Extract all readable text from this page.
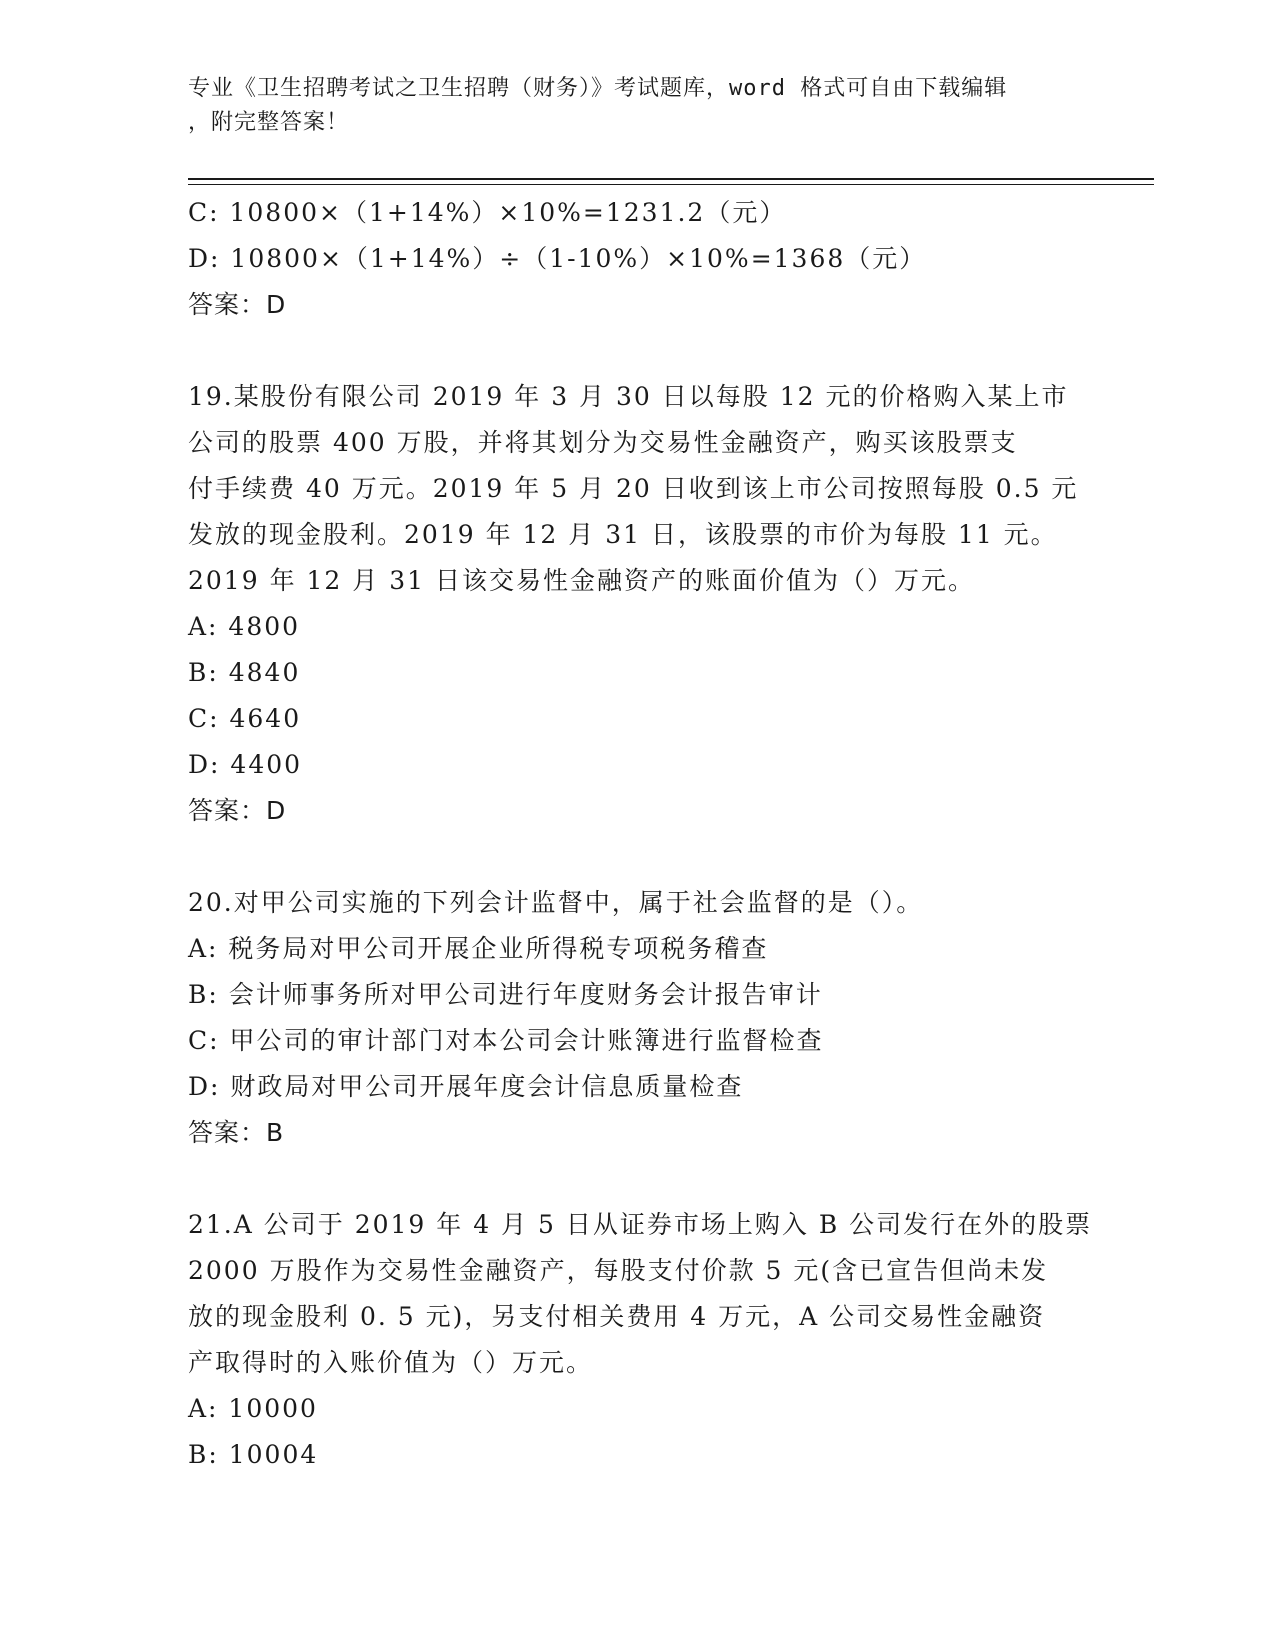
专业《卫生招聘考试之卫生招聘（财务）》考试题库，word 格式可自由下载编辑
，附完整答案！
C: 10800×（1+14%）×10%=1231.2（元）
D: 10800×（1+14%）÷（1-10%）×10%=1368（元）
答案：D
19.某股份有限公司 2019 年 3 月 30 日以每股 12 元的价格购入某上市
公司的股票 400 万股，并将其划分为交易性金融资产，购买该股票支
付手续费 40 万元。2019 年 5 月 20 日收到该上市公司按照每股 0.5 元
发放的现金股利。2019 年 12 月 31 日，该股票的市价为每股 11 元。
2019 年 12 月 31 日该交易性金融资产的账面价值为（）万元。
A: 4800
B: 4840
C: 4640
D: 4400
答案：D
20.对甲公司实施的下列会计监督中，属于社会监督的是（）。
A: 税务局对甲公司开展企业所得税专项税务稽查
B: 会计师事务所对甲公司进行年度财务会计报告审计
C: 甲公司的审计部门对本公司会计账簿进行监督检查
D: 财政局对甲公司开展年度会计信息质量检查
答案：B
21.A 公司于 2019 年 4 月 5 日从证券市场上购入 B 公司发行在外的股票
2000 万股作为交易性金融资产，每股支付价款 5 元(含已宣告但尚未发
放的现金股利 0. 5 元)，另支付相关费用 4 万元，A 公司交易性金融资
产取得时的入账价值为（）万元。
A: 10000
B: 10004
